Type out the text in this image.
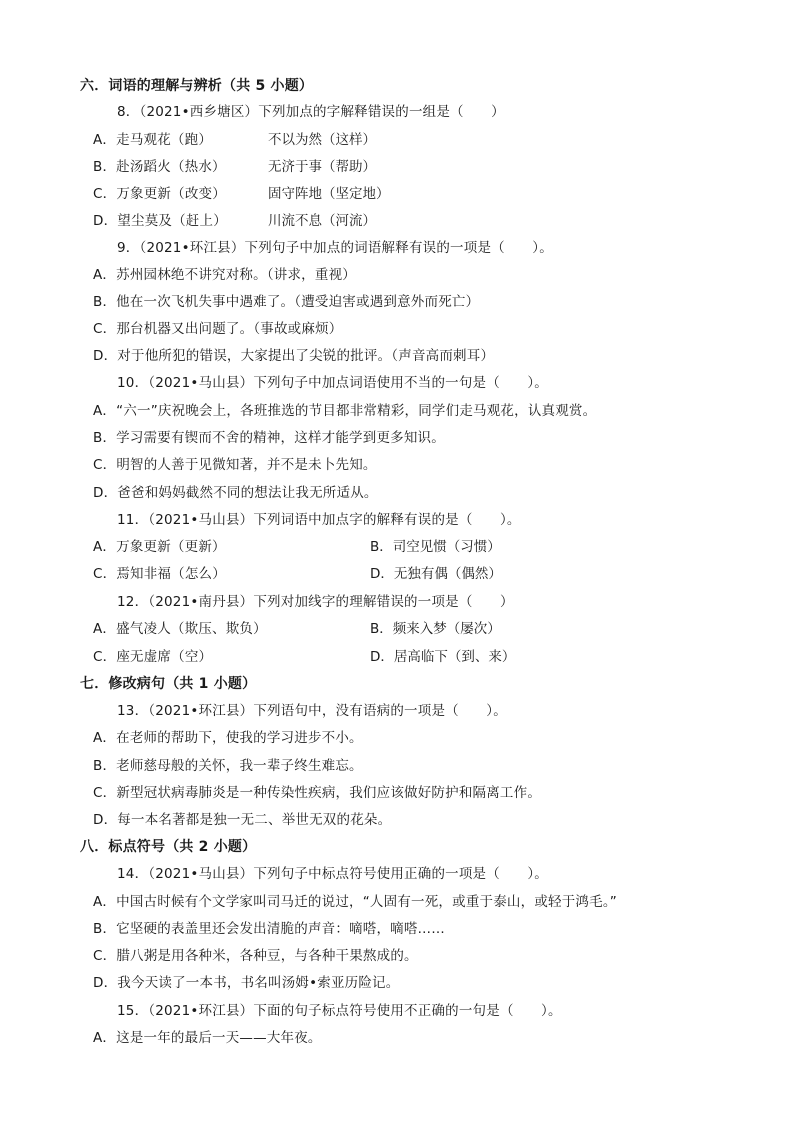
六．词语的理解与辨析（共 5 小题）
8．（2021•西乡塘区）下列加点的字解释错误的一组是（　　）
A．走马观花（跑）	不以为然（这样）
B．赴汤蹈火（热水）	无济于事（帮助）
C．万象更新（改变）	固守阵地（坚定地）
D．望尘莫及（赶上）	川流不息（河流）
9．（2021•环江县）下列句子中加点的词语解释有误的一项是（　　）。
A．苏州园林绝不讲究对称。（讲求，重视）
B．他在一次飞机失事中遇难了。（遭受迫害或遇到意外而死亡）
C．那台机器又出问题了。（事故或麻烦）
D．对于他所犯的错误，大家提出了尖锐的批评。（声音高而刺耳）
10．（2021•马山县）下列句子中加点词语使用不当的一句是（　　）。
A．“六一”庆祝晚会上，各班推选的节目都非常精彩，同学们走马观花，认真观赏。
B．学习需要有锲而不舍的精神，这样才能学到更多知识。
C．明智的人善于见微知著，并不是未卜先知。
D．爸爸和妈妈截然不同的想法让我无所适从。
11．（2021•马山县）下列词语中加点字的解释有误的是（　　）。
A．万象更新（更新）	B．司空见惯（习惯）
C．焉知非福（怎么）	D．无独有偶（偶然）
12．（2021•南丹县）下列对加线字的理解错误的一项是（　　）
A．盛气凌人（欺压、欺负）	B．频来入梦（屡次）
C．座无虚席（空）	D．居高临下（到、来）
七．修改病句（共 1 小题）
13．（2021•环江县）下列语句中，没有语病的一项是（　　）。
A．在老师的帮助下，使我的学习进步不小。
B．老师慈母般的关怀，我一辈子终生难忘。
C．新型冠状病毒肺炎是一种传染性疾病，我们应该做好防护和隔离工作。
D．每一本名著都是独一无二、举世无双的花朵。
八．标点符号（共 2 小题）
14．（2021•马山县）下列句子中标点符号使用正确的一项是（　　）。
A．中国古时候有个文学家叫司马迁的说过，“人固有一死，或重于泰山，或轻于鸿毛。”
B．它坚硬的表盖里还会发出清脆的声音：嘀嗒，嘀嗒……
C．腊八粥是用各种米，各种豆，与各种干果熬成的。
D．我今天读了一本书，书名叫汤姆•索亚历险记。
15．（2021•环江县）下面的句子标点符号使用不正确的一句是（　　）。
A．这是一年的最后一天——大年夜。
